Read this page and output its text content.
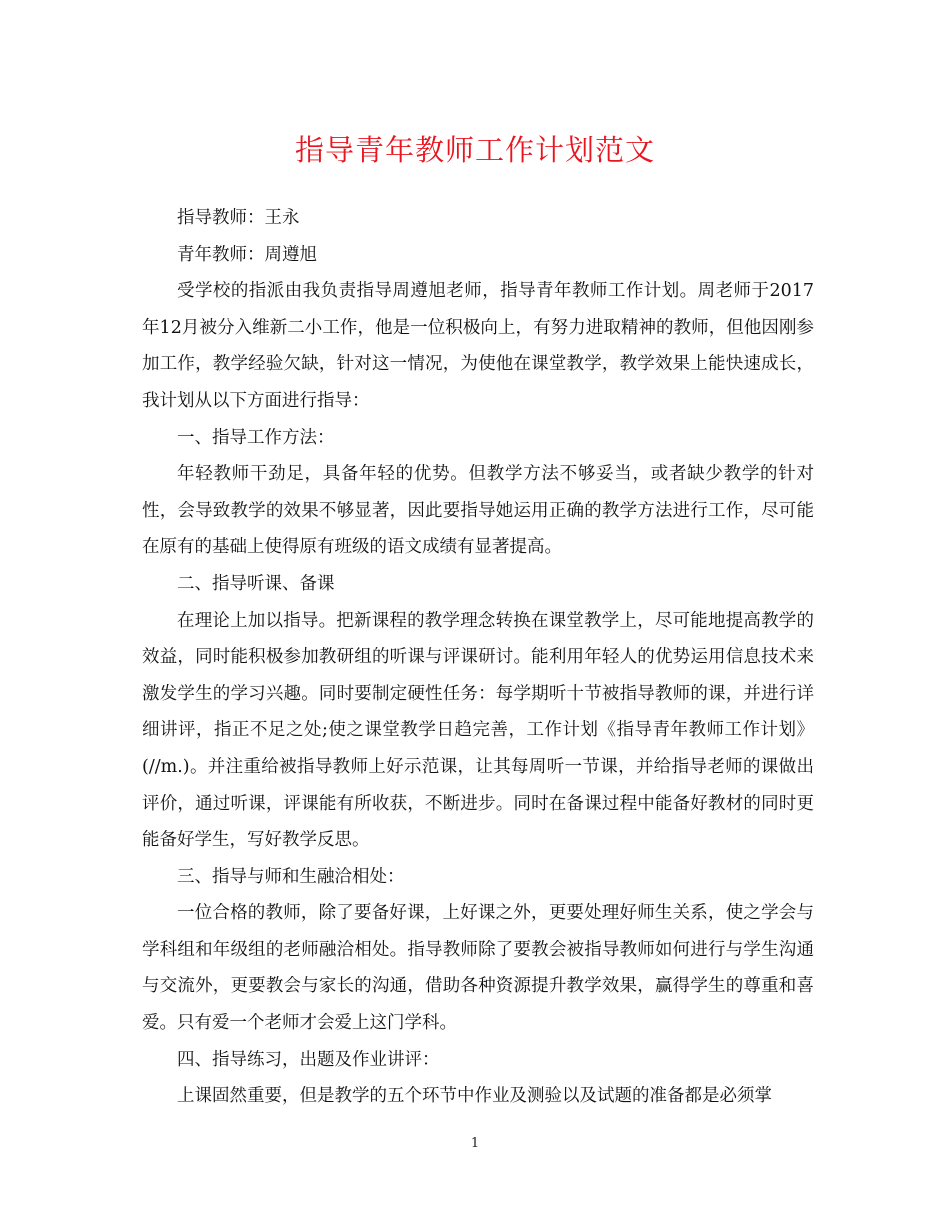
指导青年教师工作计划范文

指导教师：王永

青年教师：周遵旭

受学校的指派由我负责指导周遵旭老师，指导青年教师工作计划。周老师于2017年12月被分入维新二小工作，他是一位积极向上，有努力进取精神的教师，但他因刚参加工作，教学经验欠缺，针对这一情况，为使他在课堂教学，教学效果上能快速成长，我计划从以下方面进行指导：

一、指导工作方法：

年轻教师干劲足，具备年轻的优势。但教学方法不够妥当，或者缺少教学的针对性，会导致教学的效果不够显著，因此要指导她运用正确的教学方法进行工作，尽可能在原有的基础上使得原有班级的语文成绩有显著提高。

二、指导听课、备课

在理论上加以指导。把新课程的教学理念转换在课堂教学上，尽可能地提高教学的效益，同时能积极参加教研组的听课与评课研讨。能利用年轻人的优势运用信息技术来激发学生的学习兴趣。同时要制定硬性任务：每学期听十节被指导教师的课，并进行详细讲评，指正不足之处;使之课堂教学日趋完善，工作计划《指导青年教师工作计划》(//m.)。并注重给被指导教师上好示范课，让其每周听一节课，并给指导老师的课做出评价，通过听课，评课能有所收获，不断进步。同时在备课过程中能备好教材的同时更能备好学生，写好教学反思。

三、指导与师和生融洽相处：

一位合格的教师，除了要备好课，上好课之外，更要处理好师生关系，使之学会与学科组和年级组的老师融洽相处。指导教师除了要教会被指导教师如何进行与学生沟通与交流外，更要教会与家长的沟通，借助各种资源提升教学效果，赢得学生的尊重和喜爱。只有爱一个老师才会爱上这门学科。

四、指导练习，出题及作业讲评：

上课固然重要，但是教学的五个环节中作业及测验以及试题的准备都是必须掌

1
